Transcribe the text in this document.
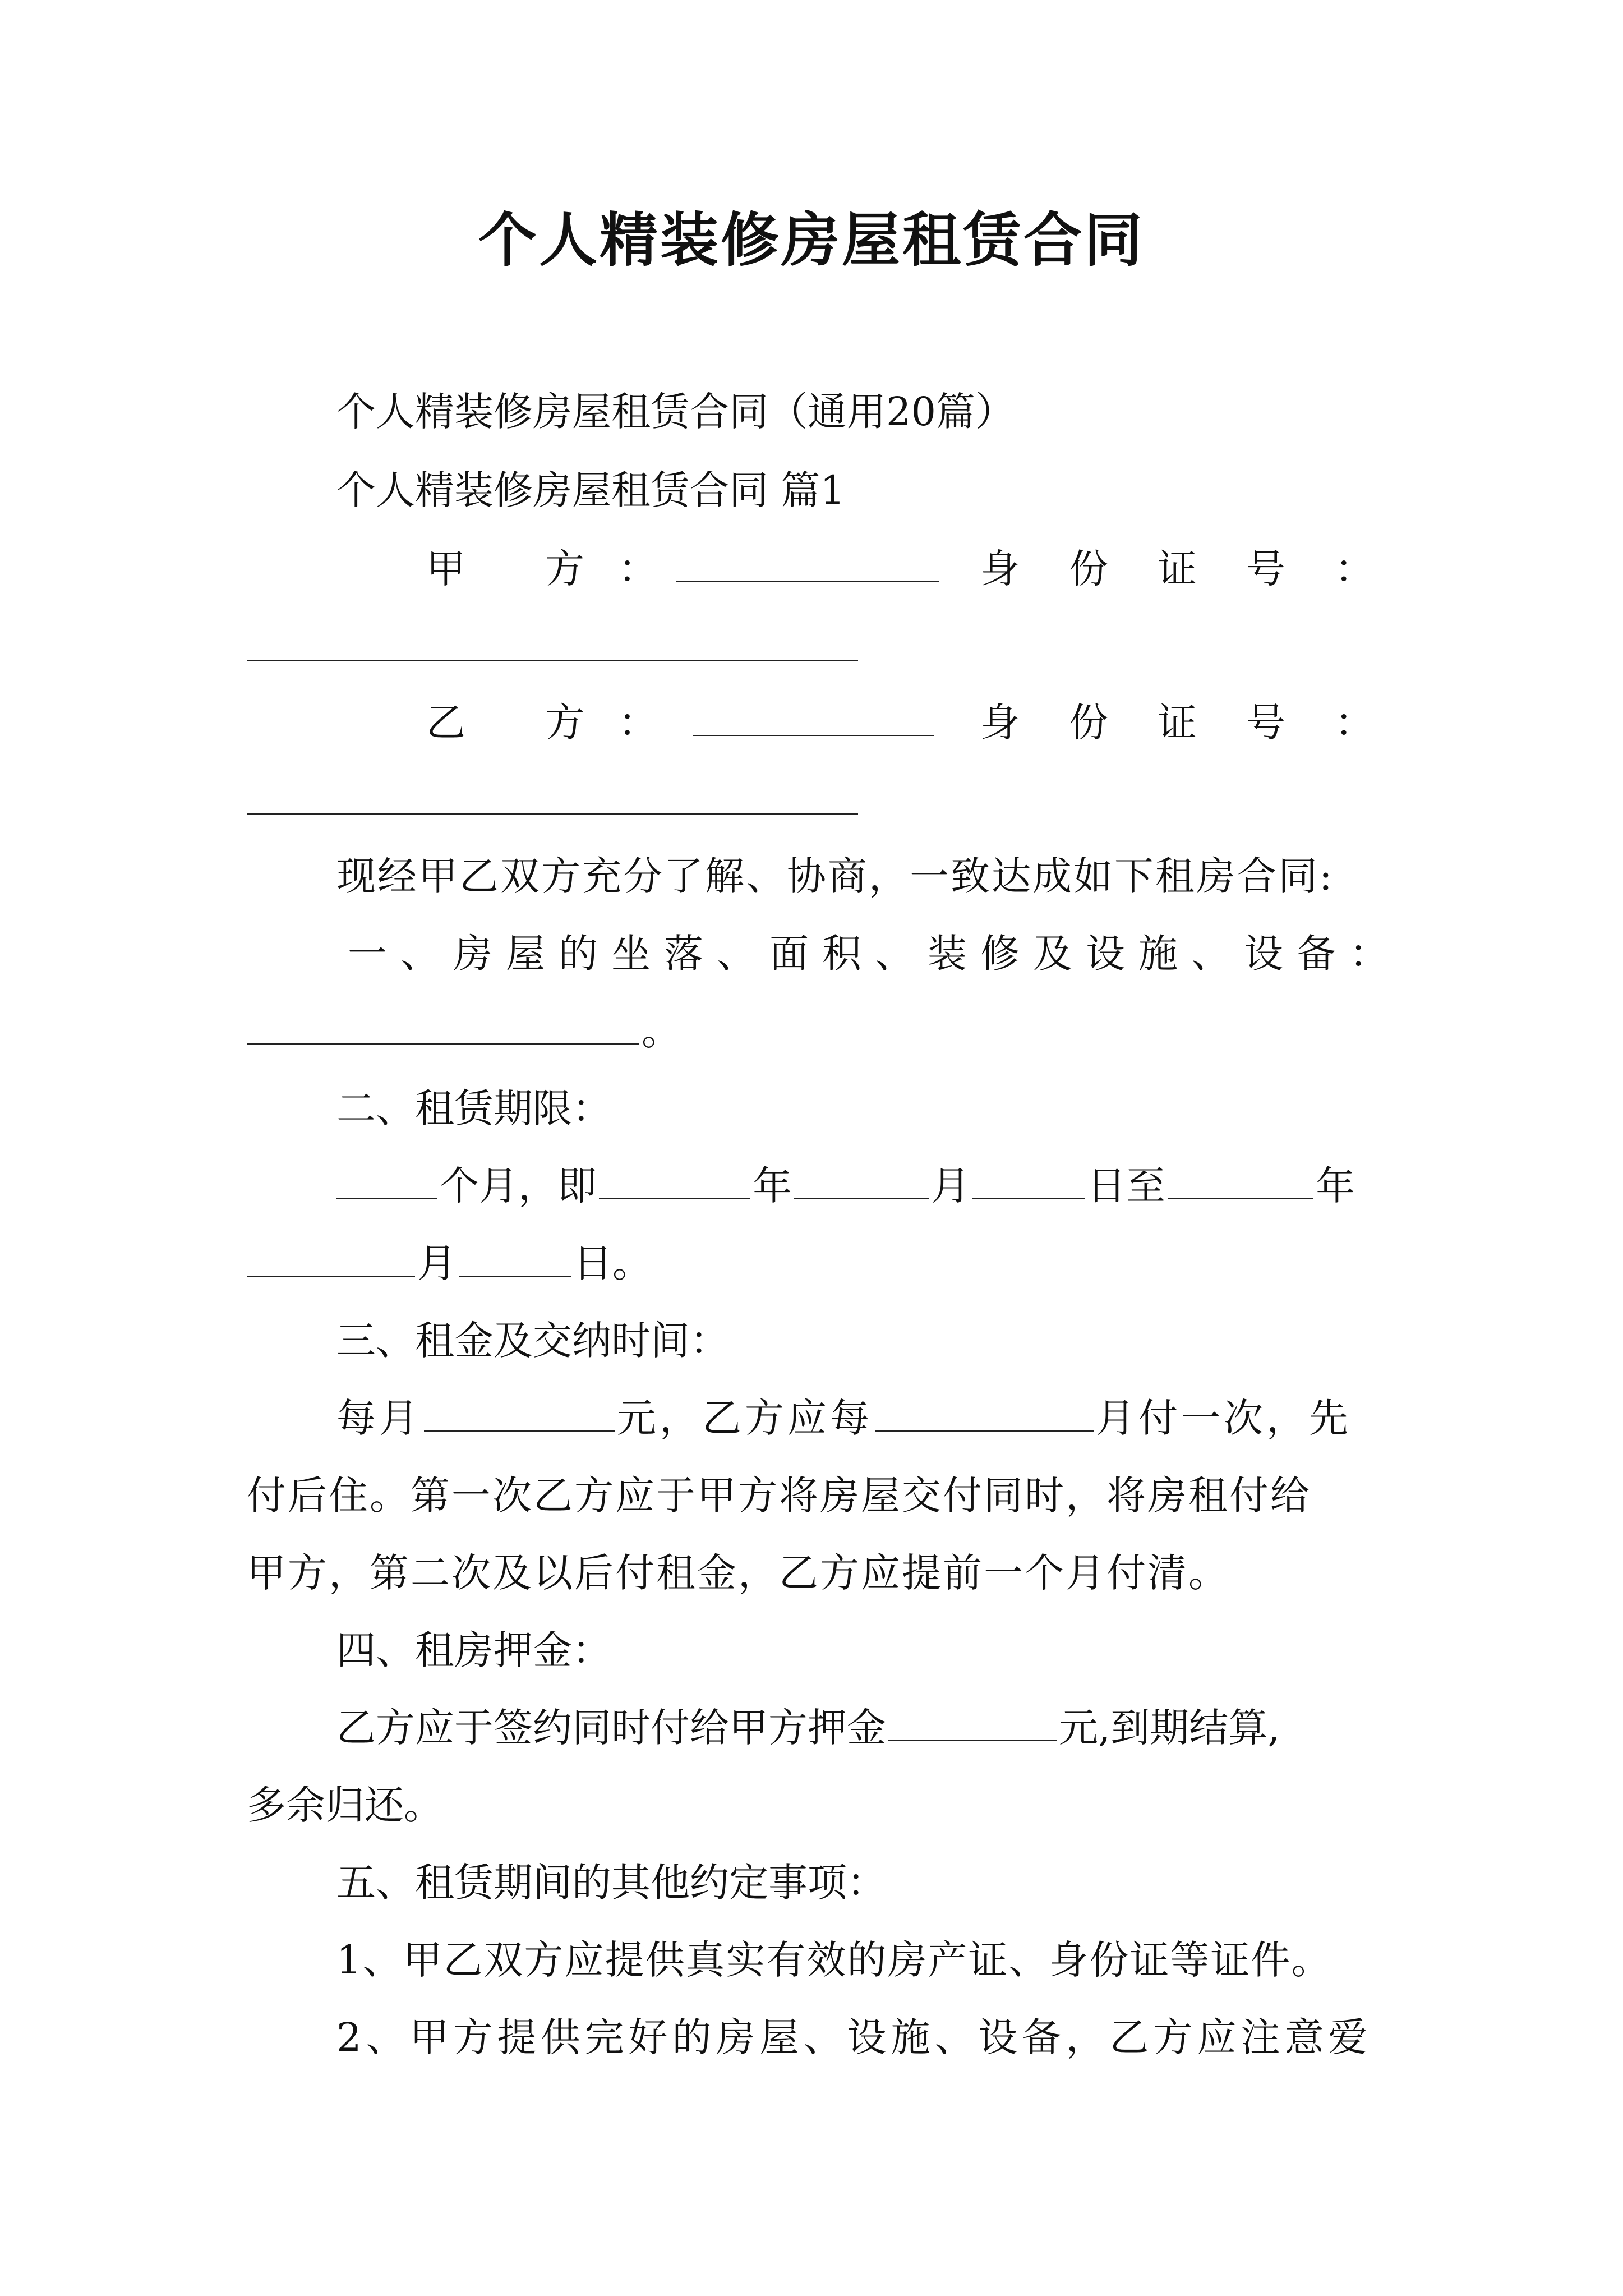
个人精装修房屋租赁合同
个人精装修房屋租赁合同（通用20篇）
个人精装修房屋租赁合同 篇1
甲 方：	身份证号：
乙 方：	身份证号：
现经甲乙双方充分了解、协商，一致达成如下租房合同:
一、房屋的坐落、面积、装修及设施、设备：
。
二、租赁期限：
个月，即	年	月	日至	年
月	日。
三、租金及交纳时间：
每月	元，乙方应每	月付一次，先
付后住。第一次乙方应于甲方将房屋交付同时，将房租付给
甲方，第二次及以后付租金，乙方应提前一个月付清。
四、租房押金：
乙方应于签约同时付给甲方押金	元,到期结算,
多余归还。
五、租赁期间的其他约定事项：
1、甲乙双方应提供真实有效的房产证、身份证等证件。
2、甲方提供完好的房屋、设施、设备，乙方应注意爱
